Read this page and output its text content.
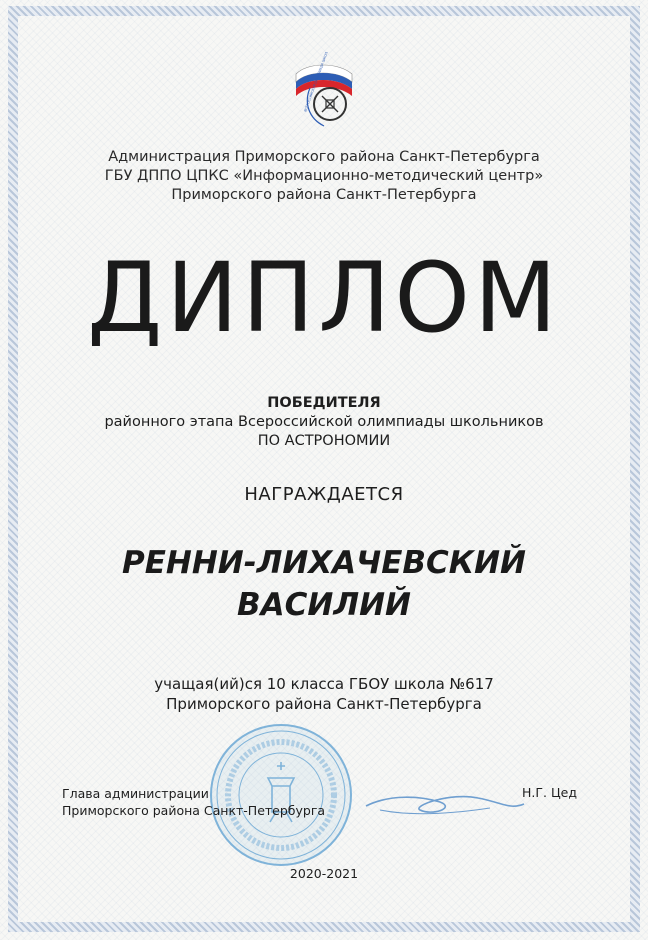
Администрация Приморского района Санкт-Петербурга
ГБУ ДППО ЦПКС «Информационно-методический центр»
Приморского района Санкт-Петербурга
ДИПЛОМ
ПОБЕДИТЕЛЯ
районного этапа Всероссийской олимпиады школьников
ПО АСТРОНОМИИ
НАГРАЖДАЕТСЯ
РЕННИ-ЛИХАЧЕВСКИЙ
ВАСИЛИЙ
учащая(ий)ся 10 класса ГБОУ школа №617
Приморского района Санкт-Петербурга
Глава администрации
Приморского района Санкт-Петербурга
Н.Г. Цед
2020-2021
